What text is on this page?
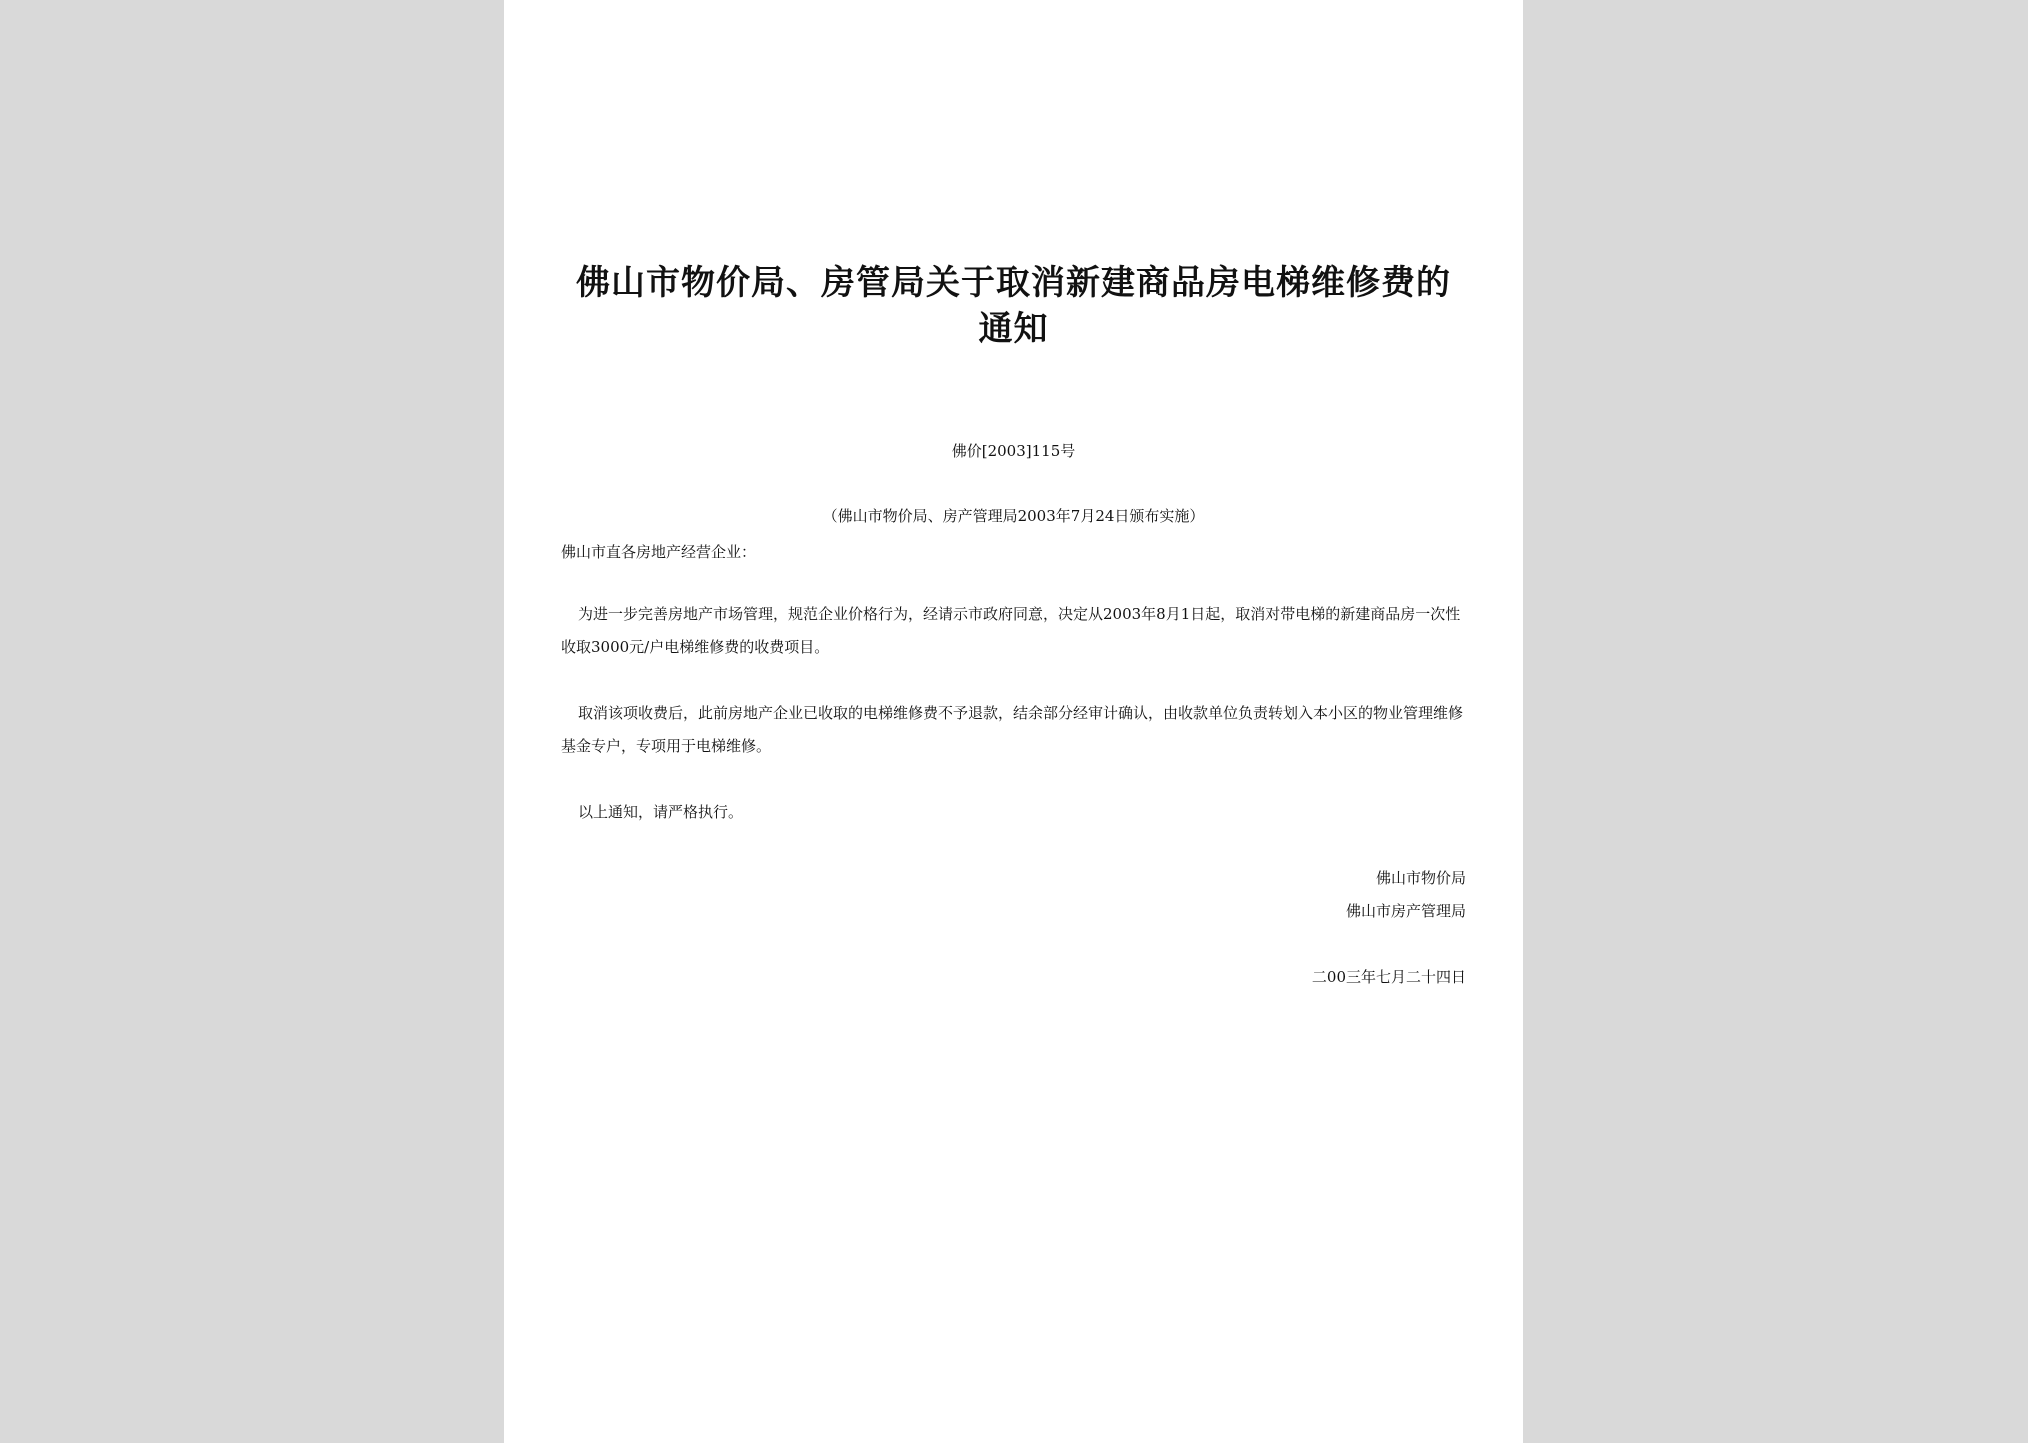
佛山市物价局、房管局关于取消新建商品房电梯维修费的通知
佛价[2003]115号
（佛山市物价局、房产管理局2003年7月24日颁布实施）

佛山市直各房地产经营企业：

为进一步完善房地产市场管理，规范企业价格行为，经请示市政府同意，决定从2003年8月1日起，取消对带电梯的新建商品房一次性收取3000元/户电梯维修费的收费项目。

取消该项收费后，此前房地产企业已收取的电梯维修费不予退款，结余部分经审计确认，由收款单位负责转划入本小区的物业管理维修基金专户，专项用于电梯维修。

以上通知，请严格执行。

佛山市物价局
佛山市房产管理局
二00三年七月二十四日
